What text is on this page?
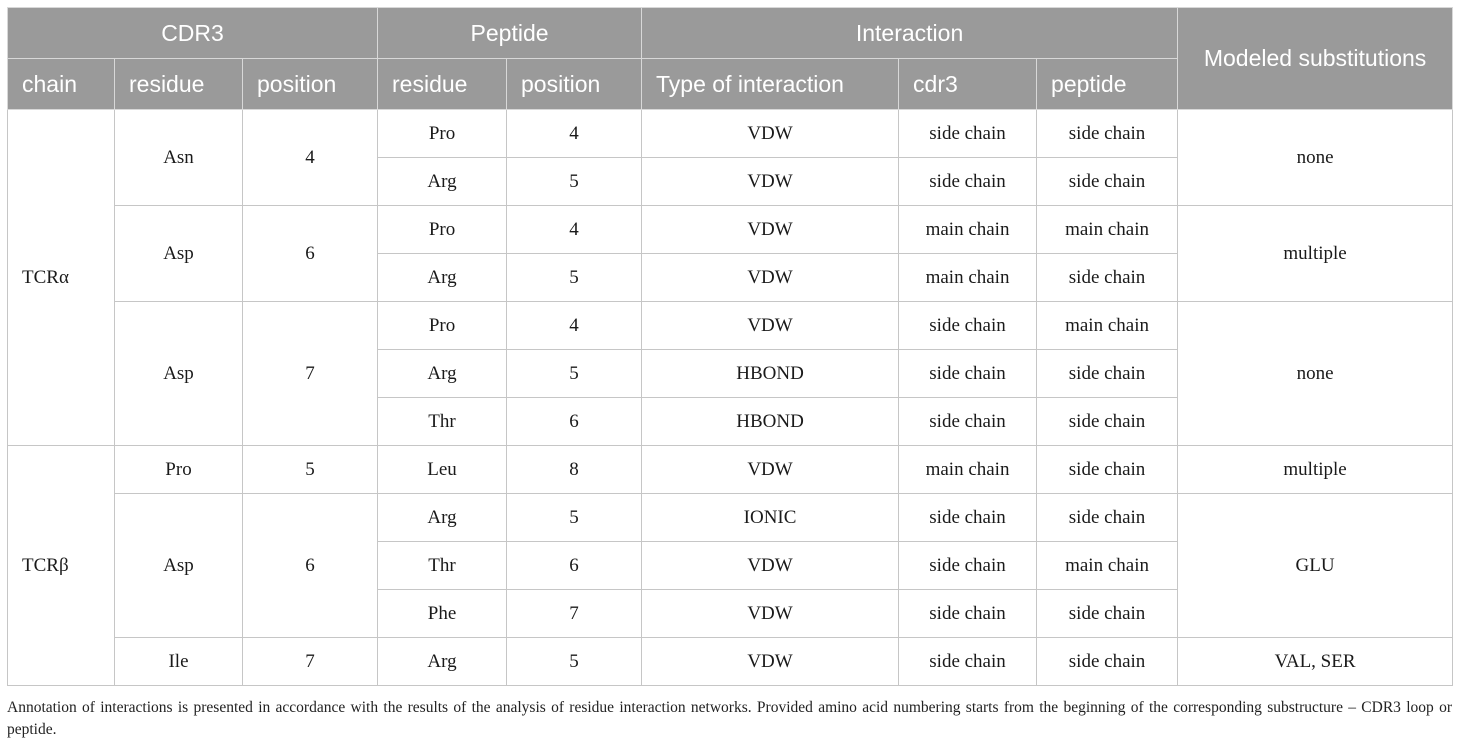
CDR3			Peptide		Interaction			Modeled substitutions
chain	residue	position	residue	position	Type of interaction	cdr3	peptide	
TCRα	Asn	4	Pro	4	VDW	side chain	side chain	none
			Arg	5	VDW	side chain	side chain	
	Asp	6	Pro	4	VDW	main chain	main chain	multiple
			Arg	5	VDW	main chain	side chain	
	Asp	7	Pro	4	VDW	side chain	main chain	none
			Arg	5	HBOND	side chain	side chain	
			Thr	6	HBOND	side chain	side chain	
TCRβ	Pro	5	Leu	8	VDW	main chain	side chain	multiple
	Asp	6	Arg	5	IONIC	side chain	side chain	GLU
			Thr	6	VDW	side chain	main chain	
			Phe	7	VDW	side chain	side chain	
	Ile	7	Arg	5	VDW	side chain	side chain	VAL, SER
Annotation of interactions is presented in accordance with the results of the analysis of residue interaction networks. Provided amino acid numbering starts from the beginning of the corresponding substructure – CDR3 loop or peptide.
